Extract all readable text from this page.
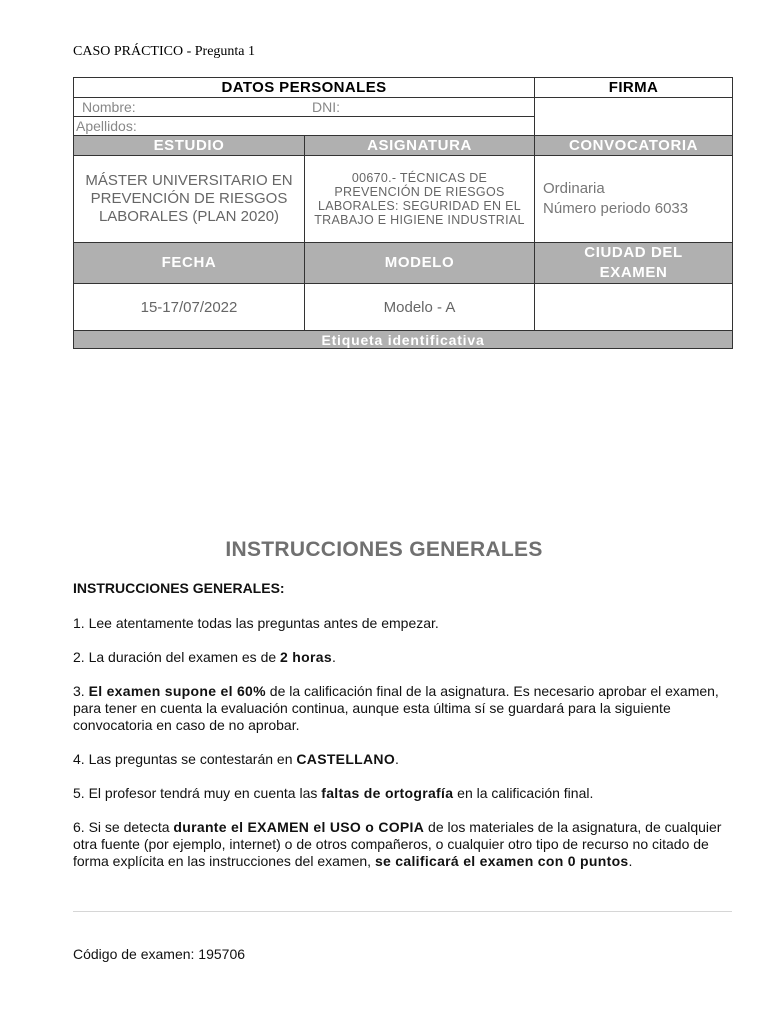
CASO PRÁCTICO - Pregunta 1
DATOS PERSONALES		FIRMA

Nombre: DNI:		

Apellidos:		

ESTUDIO	ASIGNATURA	CONVOCATORIA

MÁSTER UNIVERSITARIO EN PREVENCIÓN DE RIESGOS LABORALES (PLAN 2020)	00670.- TÉCNICAS DE PREVENCIÓN DE RIESGOS LABORALES: SEGURIDAD EN EL TRABAJO E HIGIENE INDUSTRIAL	Ordinaria
Número periodo 6033

FECHA	MODELO	CIUDAD DEL EXAMEN

15-17/07/2022	Modelo - A	
Etiqueta identificativa		
INSTRUCCIONES GENERALES
INSTRUCCIONES GENERALES:

1. Lee atentamente todas las preguntas antes de empezar.

2. La duración del examen es de 2 horas.

3. El examen supone el 60% de la calificación final de la asignatura. Es necesario aprobar el examen, para tener en cuenta la evaluación continua, aunque esta última sí se guardará para la siguiente convocatoria en caso de no aprobar.

4. Las preguntas se contestarán en CASTELLANO.

5. El profesor tendrá muy en cuenta las faltas de ortografía en la calificación final.

6. Si se detecta durante el EXAMEN el USO o COPIA de los materiales de la asignatura, de cualquier otra fuente (por ejemplo, internet) o de otros compañeros, o cualquier otro tipo de recurso no citado de forma explícita en las instrucciones del examen, se calificará el examen con 0 puntos.

Código de examen: 195706
